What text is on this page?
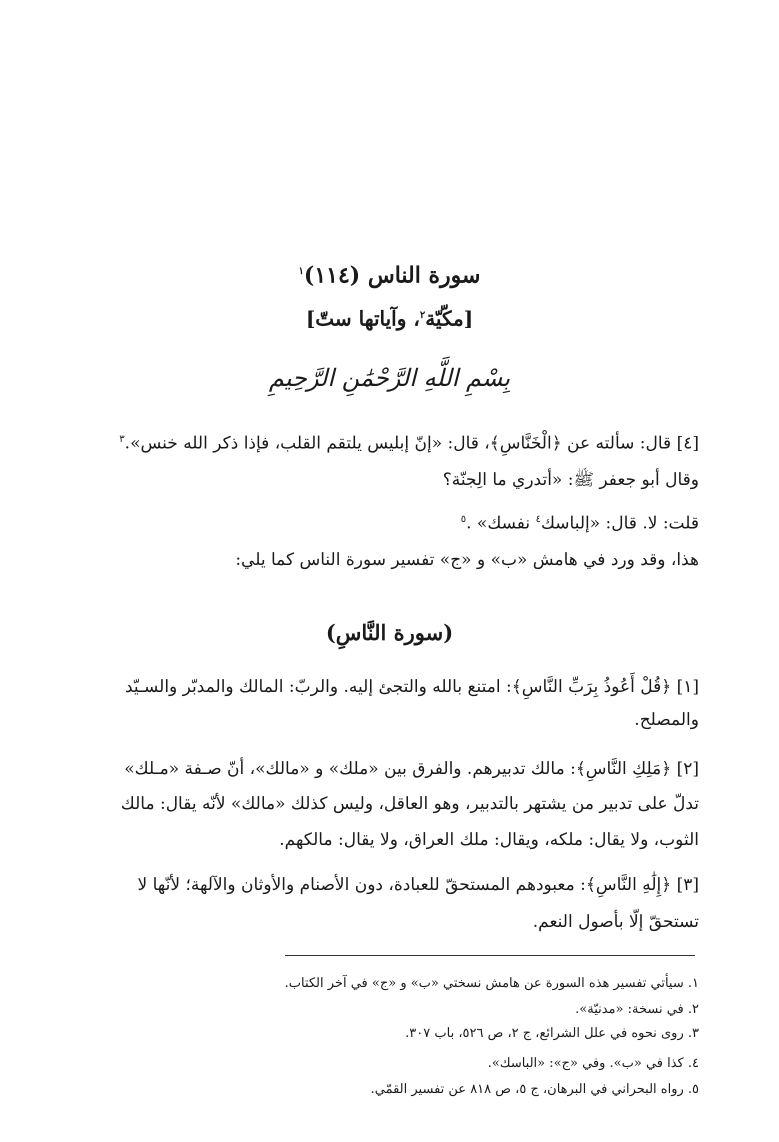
سورة الناس (١١٤)$^١$
[مكّيّة$^٢$، وآياتها ستّ]
بِسْمِ اللَّهِ الرَّحْمَٰنِ الرَّحِيمِ
[٤] قال: سألته عن ﴿الْخَنَّاسِ﴾، قال: «إنّ إبليس يلتقم القلب، فإذا ذكر الله خنس».$^٣$
وقال أبو جعفر ﷺ: «أتدري ما الِجنّة؟
قلت: لا. قال: «إلباسك$^٤$ نفسك» .$^٥$
هذا، وقد ورد في هامش «ب» و «ج» تفسير سورة الناس كما يلي:
(سورة النَّاسِ)
[١] ﴿قُلْ أَعُوذُ بِرَبِّ النَّاسِ﴾: امتنع بالله والتجئ إليه. والربّ: المالك والمدبّر والسـيّد
والمصلح.
[٢] ﴿مَلِكِ النَّاسِ﴾: مالك تدبيرهم. والفرق بين «ملك» و «مالك»، أنّ صـفة «مـلك»
تدلّ على تدبير من يشتهر بالتدبير، وهو العاقل، وليس كذلك «مالك» لأنّه يقال: مالك
الثوب، ولا يقال: ملكه، ويقال: ملك العراق، ولا يقال: مالكهم.
[٣] ﴿إِلَٰهِ النَّاسِ﴾: معبودهم المستحقّ للعبادة، دون الأصنام والأوثان والآلهة؛ لأنّها لا
تستحقّ إلّا بأصول النعم.
١. سيأتي تفسير هذه السورة عن هامش نسختي «ب» و «ج» في آخر الكتاب.
٢. في نسخة: «مدنيّة».
٣. روى نحوه في علل الشرائع، ج ٢، ص ٥٢٦، باب ٣٠٧.
٤. كذا في «ب». وفي «ج»: «الباسك».
٥. رواه البحراني في البرهان، ج ٥، ص ٨١٨ عن تفسير القمّي.
